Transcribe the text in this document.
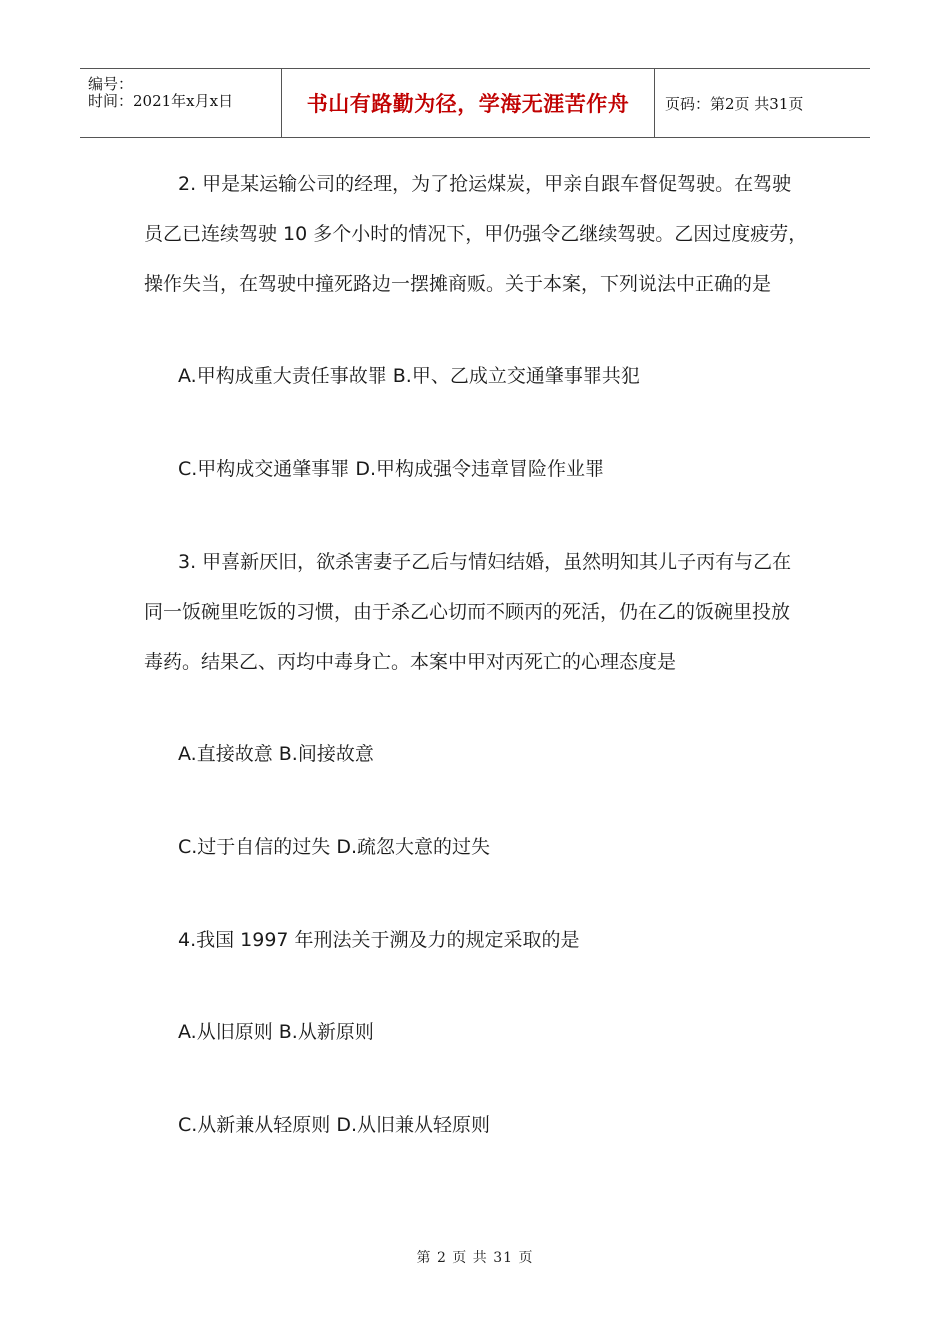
编号：
时间：2021年x月x日	书山有路勤为径，学海无涯苦作舟	页码：第2页 共31页
2. 甲是某运输公司的经理，为了抢运煤炭，甲亲自跟车督促驾驶。在驾驶
员乙已连续驾驶 10 多个小时的情况下，甲仍强令乙继续驾驶。乙因过度疲劳，
操作失当，在驾驶中撞死路边一摆摊商贩。关于本案，下列说法中正确的是
A.甲构成重大责任事故罪 B.甲、乙成立交通肇事罪共犯
C.甲构成交通肇事罪 D.甲构成强令违章冒险作业罪
3. 甲喜新厌旧，欲杀害妻子乙后与情妇结婚，虽然明知其儿子丙有与乙在
同一饭碗里吃饭的习惯，由于杀乙心切而不顾丙的死活，仍在乙的饭碗里投放
毒药。结果乙、丙均中毒身亡。本案中甲对丙死亡的心理态度是
A.直接故意 B.间接故意
C.过于自信的过失 D.疏忽大意的过失
4.我国 1997 年刑法关于溯及力的规定采取的是
A.从旧原则 B.从新原则
C.从新兼从轻原则 D.从旧兼从轻原则
第 2 页 共 31 页
